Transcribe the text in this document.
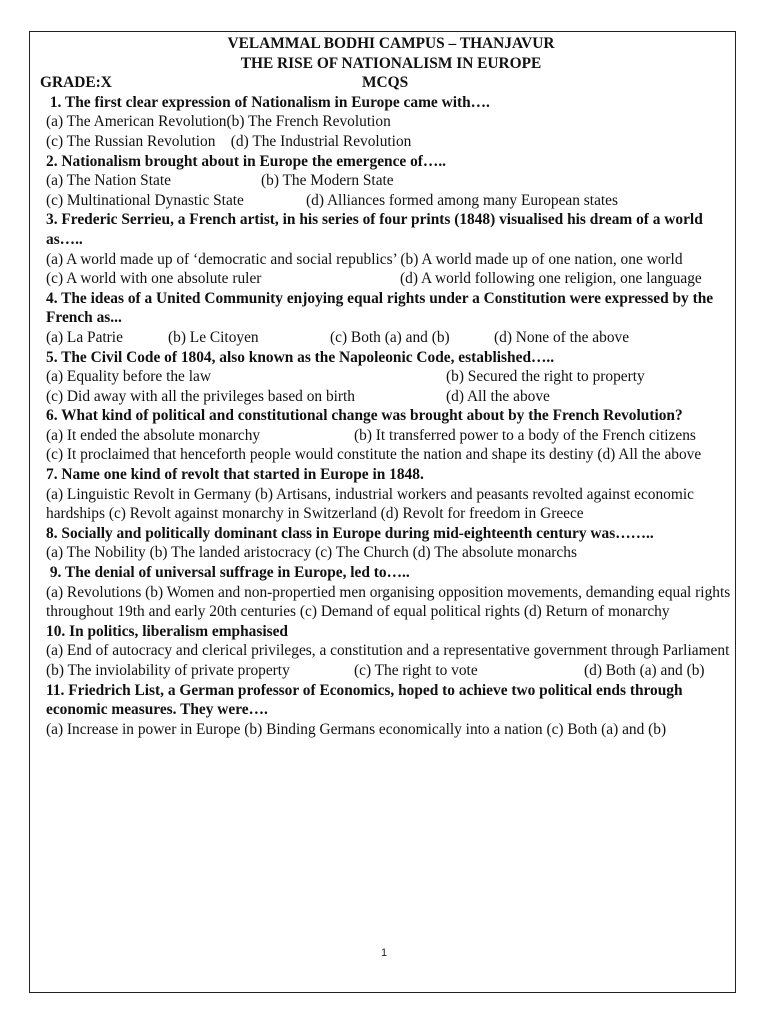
VELAMMAL BODHI CAMPUS – THANJAVUR
THE RISE OF NATIONALISM IN EUROPE
GRADE:X	MCQS
1. The first clear expression of Nationalism in Europe came with….
(a) The American Revolution(b) The French Revolution
(c) The Russian Revolution    (d) The Industrial Revolution
2. Nationalism brought about in Europe the emergence of…..
(a) The Nation State	(b) The Modern State
(c) Multinational Dynastic State	(d) Alliances formed among many European states
3. Frederic Serrieu, a French artist, in his series of four prints (1848) visualised his dream of a world as…..
(a) A world made up of ‘democratic and social republics’ (b) A world made up of one nation, one world
(c) A world with one absolute ruler	(d) A world following one religion, one language
4. The ideas of a United Community enjoying equal rights under a Constitution were expressed by the French as...
(a) La Patrie	(b) Le Citoyen	(c) Both (a) and (b)	(d) None of the above
5. The Civil Code of 1804, also known as the Napoleonic Code, established…..
(a) Equality before the law	(b) Secured the right to property
(c) Did away with all the privileges based on birth	(d) All the above
6. What kind of political and constitutional change was brought about by the French Revolution?
(a) It ended the absolute monarchy	(b) It transferred power to a body of the French citizens
(c) It proclaimed that henceforth people would constitute the nation and shape its destiny (d) All the above
7. Name one kind of revolt that started in Europe in 1848.
(a) Linguistic Revolt in Germany (b) Artisans, industrial workers and peasants revolted against economic hardships (c) Revolt against monarchy in Switzerland (d) Revolt for freedom in Greece
8. Socially and politically dominant class in Europe during mid-eighteenth century was……..
(a) The Nobility (b) The landed aristocracy (c) The Church (d) The absolute monarchs
9. The denial of universal suffrage in Europe, led to…..
(a) Revolutions (b) Women and non-propertied men organising opposition movements, demanding equal rights throughout 19th and early 20th centuries (c) Demand of equal political rights (d) Return of monarchy
10. In politics, liberalism emphasised
(a) End of autocracy and clerical privileges, a constitution and a representative government through Parliament
(b) The inviolability of private property	(c) The right to vote	(d) Both (a) and (b)
11. Friedrich List, a German professor of Economics, hoped to achieve two political ends through economic measures. They were….
(a) Increase in power in Europe (b) Binding Germans economically into a nation (c) Both (a) and (b)
1
